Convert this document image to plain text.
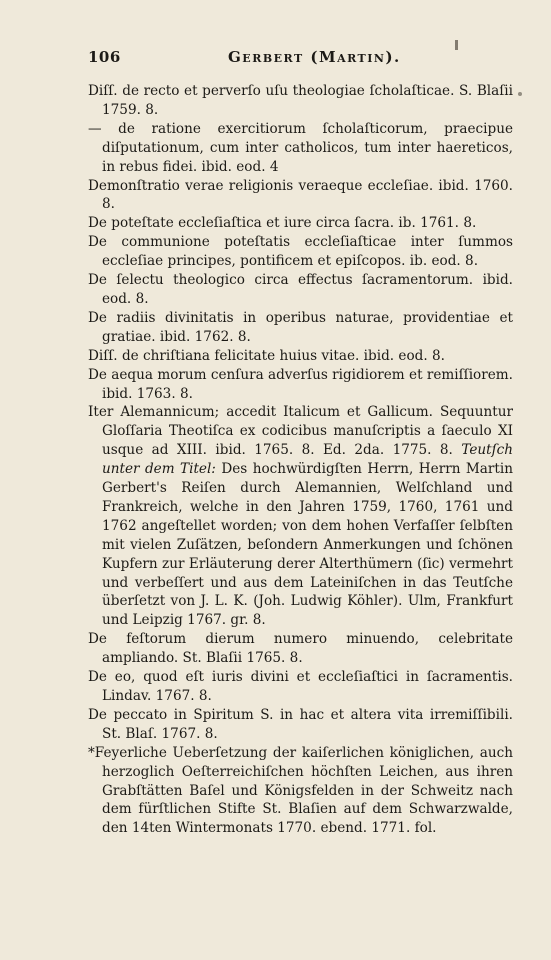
106	Gerbert (Martin).

Diſſ. de recto et perverſo uſu theologiae ſcholaſticae. S. Blaſii 1759. 8.

— de ratione exercitiorum ſcholaſticorum, praecipue diſputationum, cum inter catholicos, tum inter haereticos, in rebus fidei. ibid. eod. 4

Demonſtratio verae religionis veraeque eccleſiae. ibid. 1760. 8.

De poteſtate eccleſiaſtica et iure circa ſacra. ib. 1761. 8.

De communione poteſtatis eccleſiaſticae inter ſummos eccleſiae principes, pontificem et epiſcopos. ib. eod. 8.

De ſelectu theologico circa effectus ſacramentorum. ibid. eod. 8.

De radiis divinitatis in operibus naturae, providentiae et gratiae. ibid. 1762. 8.

Diſſ. de chriſtiana felicitate huius vitae. ibid. eod. 8.

De aequa morum cenſura adverſus rigidiorem et remiſſiorem. ibid. 1763. 8.

Iter Alemannicum; accedit Italicum et Gallicum. Sequuntur Gloſſaria Theotiſca ex codicibus manuſcriptis a ſaeculo XI usque ad XIII. ibid. 1765. 8. Ed. 2da. 1775. 8. Teutſch unter dem Titel: Des hochwürdigſten Herrn, Herrn Martin Gerbert's Reiſen durch Alemannien, Welſchland und Frankreich, welche in den Jahren 1759, 1760, 1761 und 1762 angeſtellet worden; von dem hohen Verfaſſer ſelbſten mit vielen Zuſätzen, beſondern Anmerkungen und ſchönen Kupfern zur Erläuterung derer Alterthümern (ſic) vermehrt und verbeſſert und aus dem Lateiniſchen in das Teutſche überſetzt von J. L. K. (Joh. Ludwig Köhler). Ulm, Frankfurt und Leipzig 1767. gr. 8.

De feſtorum dierum numero minuendo, celebritate ampliando. St. Blaſii 1765. 8.

De eo, quod eſt iuris divini et eccleſiaſtici in ſacramentis. Lindav. 1767. 8.

De peccato in Spiritum S. in hac et altera vita irremiſſibili. St. Blaſ. 1767. 8.

*Feyerliche Ueberſetzung der kaiſerlichen königlichen, auch herzoglich Oeſterreichiſchen höchſten Leichen, aus ihren Grabſtätten Baſel und Königsfelden in der Schweitz nach dem fürſtlichen Stifte St. Blaſien auf dem Schwarzwalde, den 14ten Wintermonats 1770. ebend. 1771. fol.
